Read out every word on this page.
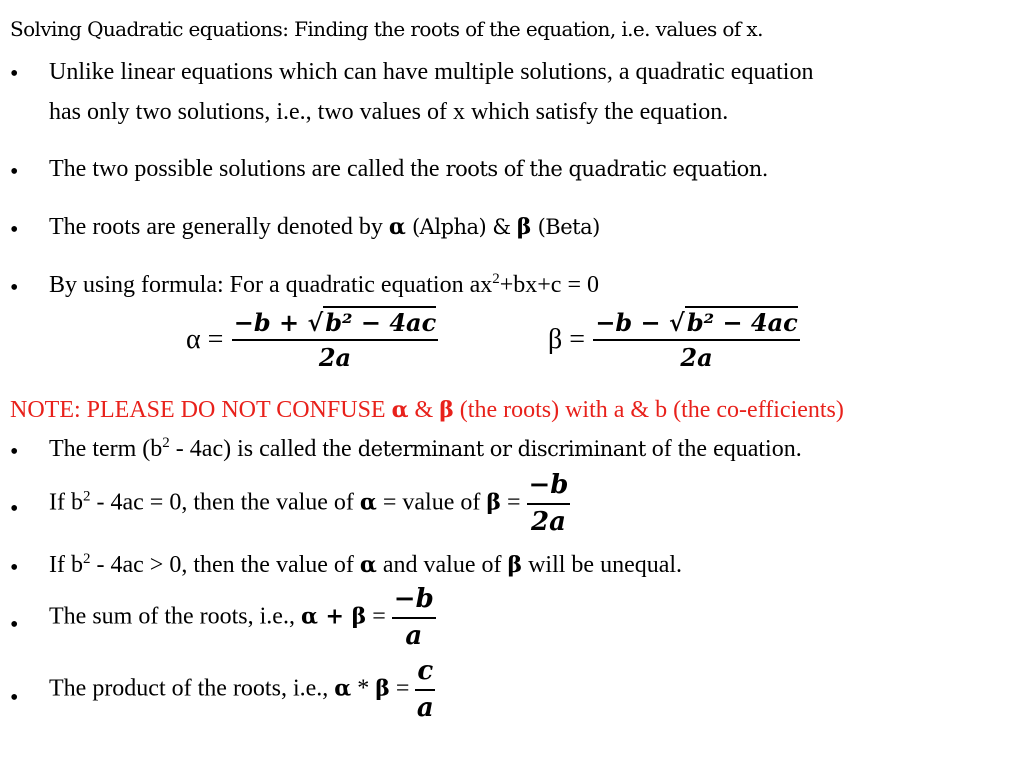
Solving Quadratic equations: Finding the roots of the equation, i.e. values of x.
•	Unlike linear equations which can have multiple solutions, a quadratic equation
has only two solutions, i.e., two values of x which satisfy the equation.
•	The two possible solutions are called the roots of the quadratic equation.
•	The roots are generally denoted by α (Alpha) & β (Beta)
•	By using formula: For a quadratic equation $ax^2+bx+c = 0$
$\alpha = \frac{\text{−b + √b² − 4ac}}{2a}$	$\beta = \frac{\text{−b − √b² − 4ac}}{2a}$
NOTE: PLEASE DO NOT CONFUSE α & β (the roots) with a & b (the co-efficients)
•	The term $(b^2 - 4ac)$ is called the determinant or discriminant of the equation.
•	If $b^2 - 4ac = 0$, then the value of α = value of $\beta = \frac{-b}{2a}$
•	If $b^2 - 4ac > 0$, then the value of α and value of β will be unequal.
•	The sum of the roots, i.e., $\alpha + \beta = \frac{-b}{a}$
•	The product of the roots, i.e., $\alpha * \beta = \frac{c}{a}$
